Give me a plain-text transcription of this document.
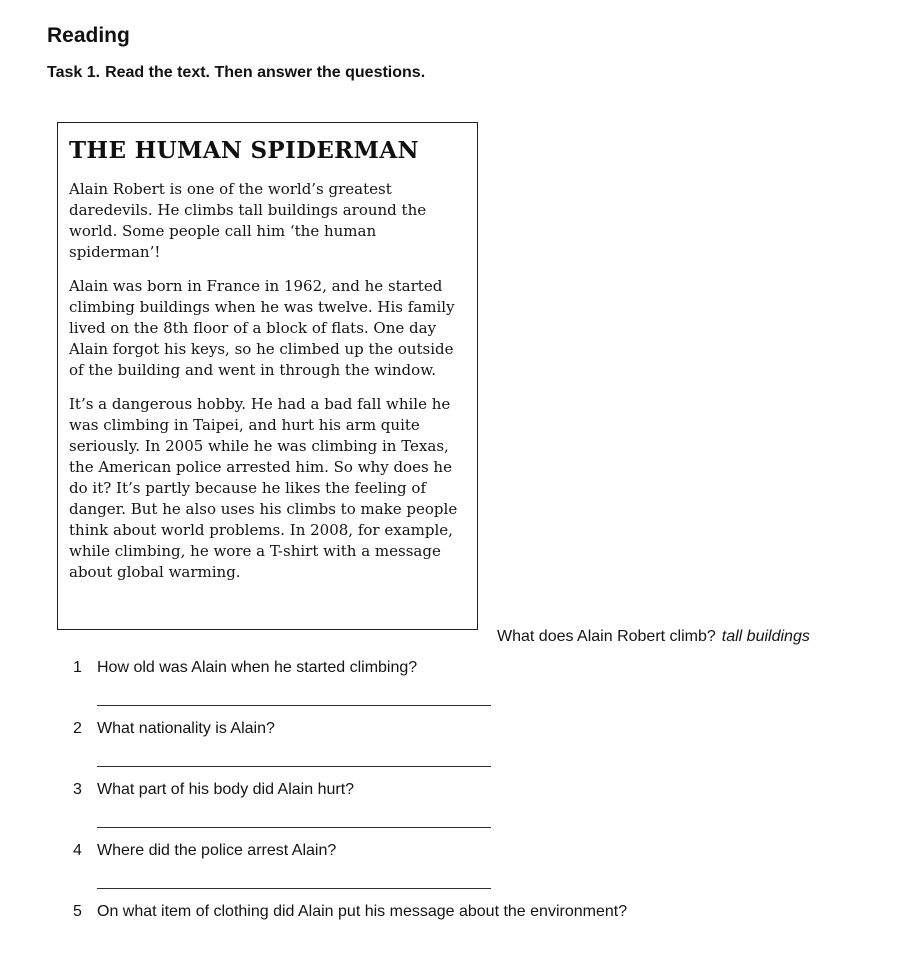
Reading
Task 1. Read the text. Then answer the questions.
THE HUMAN SPIDERMAN

Alain Robert is one of the world’s greatest daredevils. He climbs tall buildings around the world. Some people call him ‘the human spiderman’!

Alain was born in France in 1962, and he started climbing buildings when he was twelve. His family lived on the 8th floor of a block of flats. One day Alain forgot his keys, so he climbed up the outside of the building and went in through the window.

It’s a dangerous hobby. He had a bad fall while he was climbing in Taipei, and hurt his arm quite seriously. In 2005 while he was climbing in Texas, the American police arrested him. So why does he do it? It’s partly because he likes the feeling of danger. But he also uses his climbs to make people think about world problems. In 2008, for example, while climbing, he wore a T-shirt with a message about global warming.

What does Alain Robert climb? tall buildings
1 How old was Alain when he started climbing?
2 What nationality is Alain?
3 What part of his body did Alain hurt?
4 Where did the police arrest Alain?
5 On what item of clothing did Alain put his message about the environment?
